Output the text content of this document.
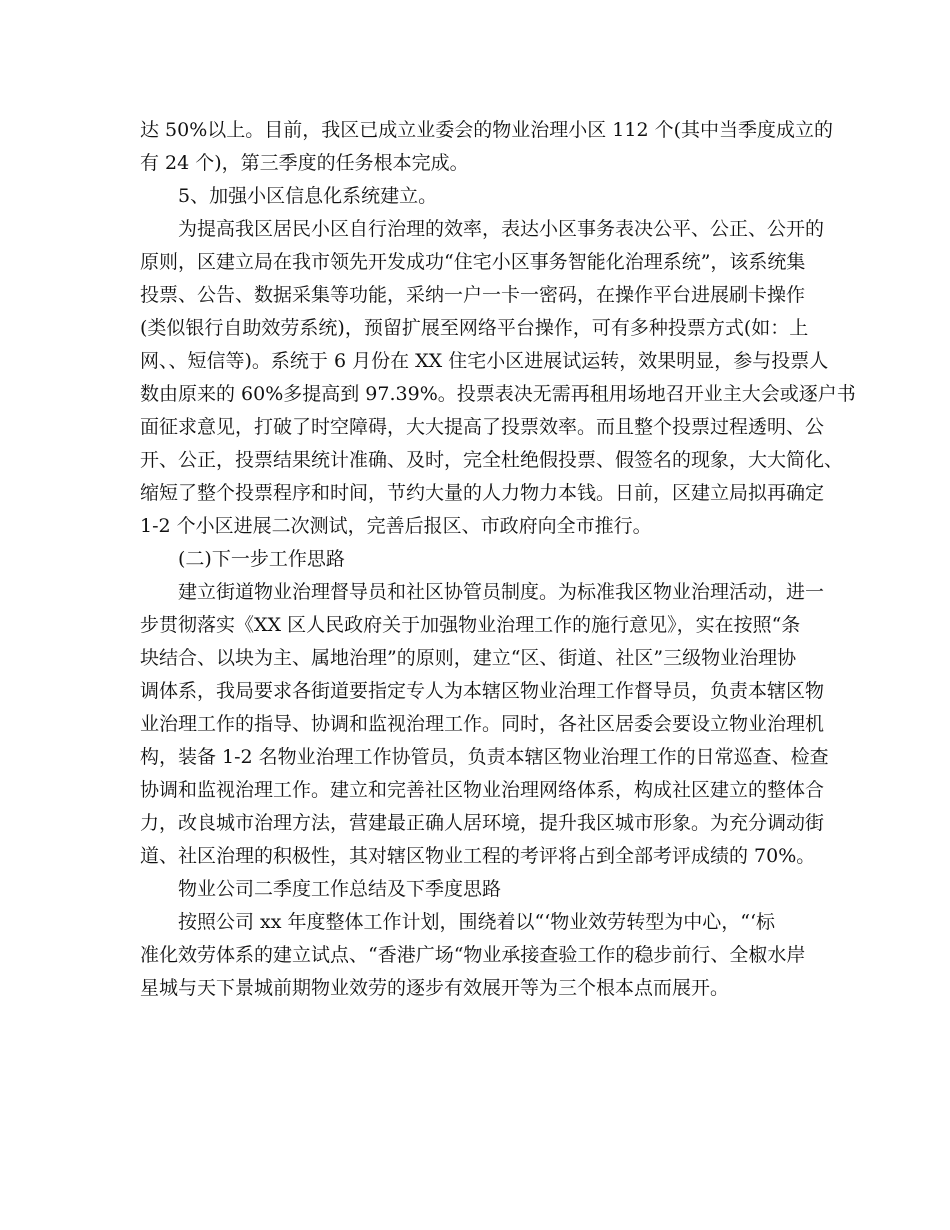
达 50%以上。目前，我区已成立业委会的物业治理小区 112 个(其中当季度成立的
有 24 个)，第三季度的任务根本完成。
5、加强小区信息化系统建立。
为提高我区居民小区自行治理的效率，表达小区事务表决公平、公正、公开的
原则，区建立局在我市领先开发成功“住宅小区事务智能化治理系统”，该系统集
投票、公告、数据采集等功能，采纳一户一卡一密码，在操作平台进展刷卡操作
(类似银行自助效劳系统)，预留扩展至网络平台操作，可有多种投票方式(如：上
网、、短信等)。系统于 6 月份在 XX 住宅小区进展试运转，效果明显，参与投票人
数由原来的 60%多提高到 97.39%。投票表决无需再租用场地召开业主大会或逐户书
面征求意见，打破了时空障碍，大大提高了投票效率。而且整个投票过程透明、公
开、公正，投票结果统计准确、及时，完全杜绝假投票、假签名的现象，大大简化、
缩短了整个投票程序和时间，节约大量的人力物力本钱。日前，区建立局拟再确定
1-2 个小区进展二次测试，完善后报区、市政府向全市推行。
(二)下一步工作思路
建立街道物业治理督导员和社区协管员制度。为标准我区物业治理活动，进一
步贯彻落实《XX 区人民政府关于加强物业治理工作的施行意见》，实在按照“条
块结合、以块为主、属地治理”的原则，建立“区、街道、社区”三级物业治理协
调体系，我局要求各街道要指定专人为本辖区物业治理工作督导员，负责本辖区物
业治理工作的指导、协调和监视治理工作。同时，各社区居委会要设立物业治理机
构，装备 1-2 名物业治理工作协管员，负责本辖区物业治理工作的日常巡查、检查
协调和监视治理工作。建立和完善社区物业治理网络体系，构成社区建立的整体合
力，改良城市治理方法，营建最正确人居环境，提升我区城市形象。为充分调动街
道、社区治理的积极性，其对辖区物业工程的考评将占到全部考评成绩的 70%。
物业公司二季度工作总结及下季度思路
按照公司 xx 年度整体工作计划，围绕着以“‘物业效劳转型为中心，“‘标
准化效劳体系的建立试点、“香港广场“物业承接查验工作的稳步前行、全椒水岸
星城与天下景城前期物业效劳的逐步有效展开等为三个根本点而展开。
